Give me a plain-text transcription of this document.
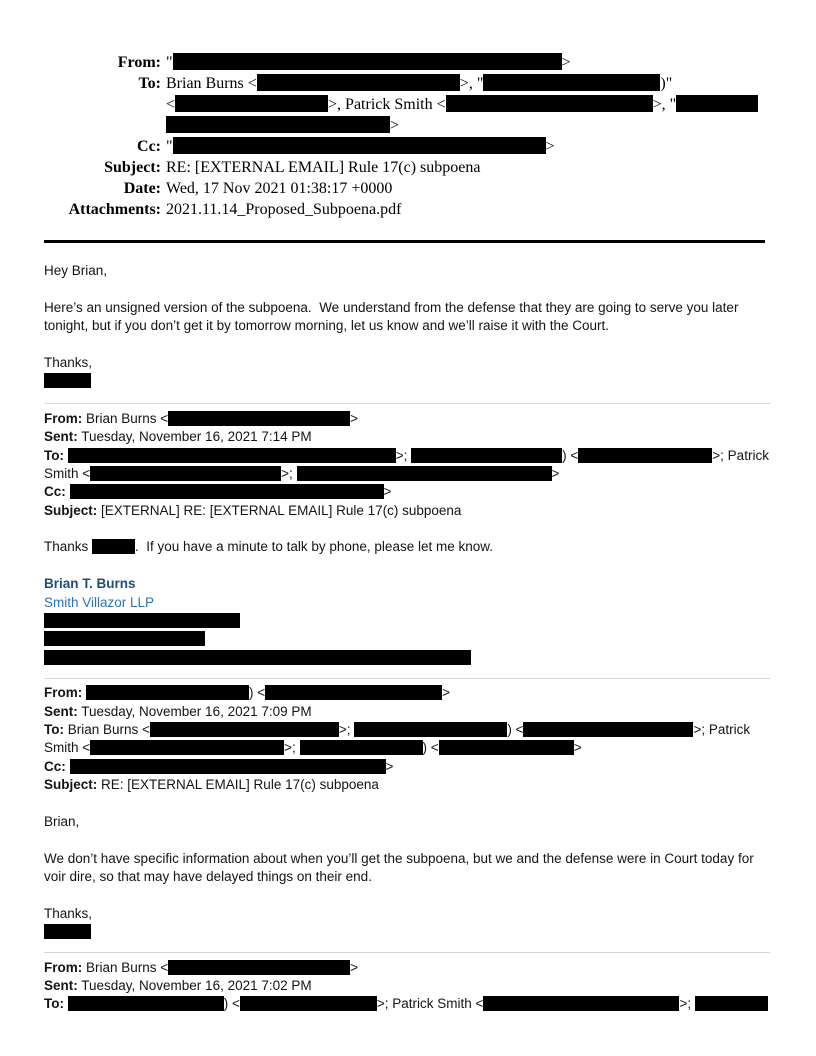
From: "	>
To: Brian Burns <	>, "	)"
<	>, Patrick Smith <	>, "
>
Cc: "	>
Subject: RE: [EXTERNAL EMAIL] Rule 17(c) subpoena
Date: Wed, 17 Nov 2021 01:38:17 +0000
Attachments: 2021.11.14_Proposed_Subpoena.pdf
Hey Brian,
Here’s an unsigned version of the subpoena.  We understand from the defense that they are going to serve you later
tonight, but if you don’t get it by tomorrow morning, let us know and we’ll raise it with the Court.
Thanks,
From: Brian Burns <	>
Sent: Tuesday, November 16, 2021 7:14 PM
To:	>;	) <	>; Patrick
Smith <	>;	>
Cc:	>
Subject: [EXTERNAL] RE: [EXTERNAL EMAIL] Rule 17(c) subpoena
Thanks	.  If you have a minute to talk by phone, please let me know.
Brian T. Burns
Smith Villazor LLP
From:	) <	>
Sent: Tuesday, November 16, 2021 7:09 PM
To: Brian Burns <	>;	) <	>; Patrick
Smith <	>;	) <	>
Cc:	>
Subject: RE: [EXTERNAL EMAIL] Rule 17(c) subpoena
Brian,
We don’t have specific information about when you’ll get the subpoena, but we and the defense were in Court today for
voir dire, so that may have delayed things on their end.
Thanks,
From: Brian Burns <	>
Sent: Tuesday, November 16, 2021 7:02 PM
To:	) <	>; Patrick Smith <	>;
